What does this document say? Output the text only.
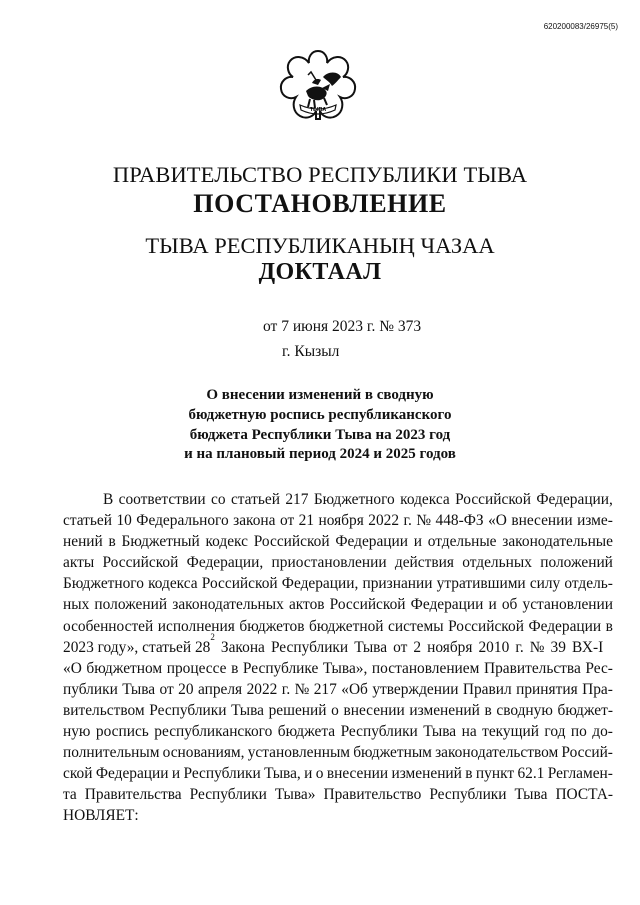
620200083/26975(5)
ТЫВА
ПРАВИТЕЛЬСТВО РЕСПУБЛИКИ ТЫВА
ПОСТАНОВЛЕНИЕ
ТЫВА РЕСПУБЛИКАНЫҢ ЧАЗАА
ДОКТААЛ
от 7 июня 2023 г. № 373
г. Кызыл
О внесении изменений в сводную
бюджетную роспись республиканского
бюджета Республики Тыва на 2023 год
и на плановый период 2024 и 2025 годов
В соответствии со статьей 217 Бюджетного кодекса Российской Федерации,
статьей 10 Федерального закона от 21 ноября 2022 г. № 448-ФЗ «О внесении изме-
нений в Бюджетный кодекс Российской Федерации и отдельные законодательные
акты Российской Федерации, приостановлении действия отдельных положений
Бюджетного кодекса Российской Федерации, признании утратившими силу отдель-
ных положений законодательных актов Российской Федерации и об установлении
особенностей исполнения бюджетов бюджетной системы Российской Федерации в
2023 году», статьей 28
2
Закона Республики Тыва от 2 ноября 2010 г. № 39 ВХ-I
«О бюджетном процессе в Республике Тыва», постановлением Правительства Рес-
публики Тыва от 20 апреля 2022 г. № 217 «Об утверждении Правил принятия Пра-
вительством Республики Тыва решений о внесении изменений в сводную бюджет-
ную роспись республиканского бюджета Республики Тыва на текущий год по до-
полнительным основаниям, установленным бюджетным законодательством Россий-
ской Федерации и Республики Тыва, и о внесении изменений в пункт 62.1 Регламен-
та Правительства Республики Тыва» Правительство Республики Тыва ПОСТА-
НОВЛЯЕТ:
